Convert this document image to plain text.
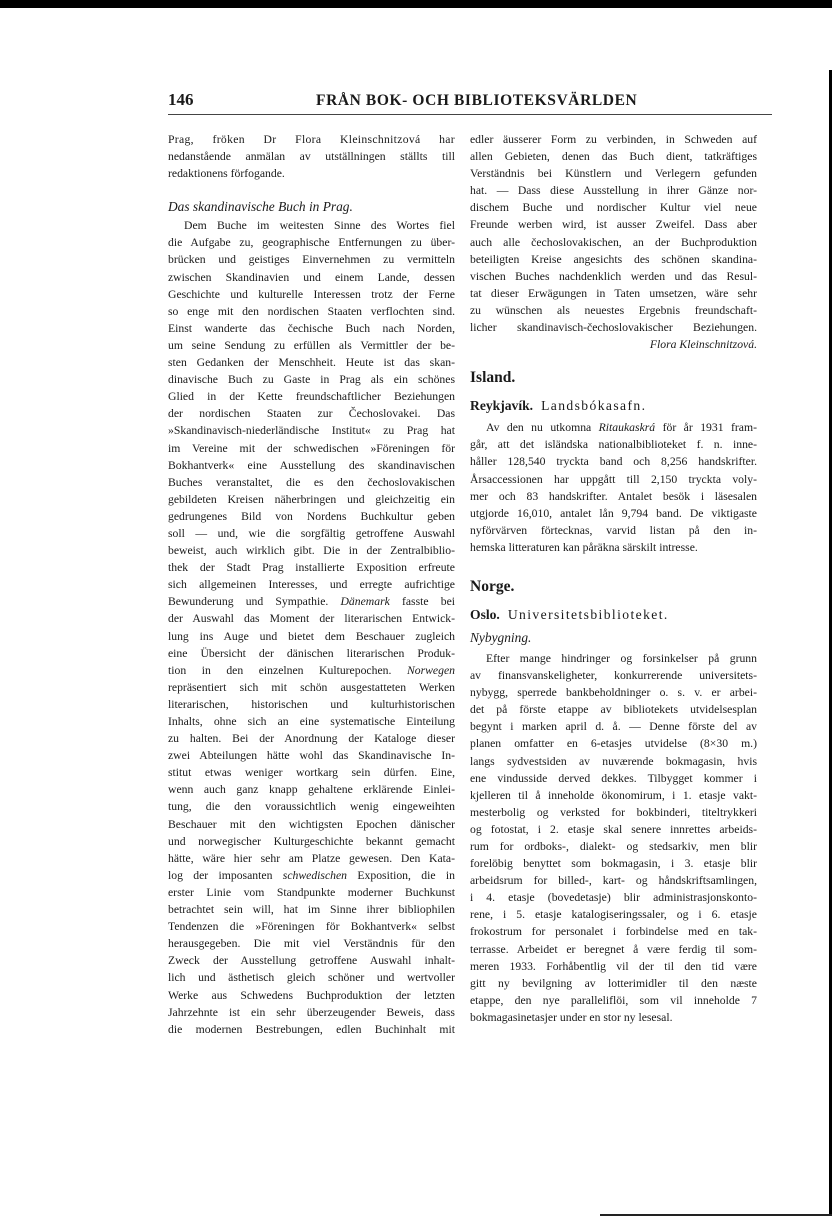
146	FRÅN BOK- OCH BIBLIOTEKSVÄRLDEN
Prag, fröken Dr Flora Kleinschnitzová har
nedanstående anmälan av utställningen ställts till
redaktionens förfogande.
Das skandinavische Buch in Prag.
Dem Buche im weitesten Sinne des Wortes fiel
die Aufgabe zu, geographische Entfernungen zu über-
brücken und geistiges Einvernehmen zu vermitteln
zwischen Skandinavien und einem Lande, dessen
Geschichte und kulturelle Interessen trotz der Ferne
so enge mit den nordischen Staaten verflochten sind.
Einst wanderte das čechische Buch nach Norden,
um seine Sendung zu erfüllen als Vermittler der be-
sten Gedanken der Menschheit. Heute ist das skan-
dinavische Buch zu Gaste in Prag als ein schönes
Glied in der Kette freundschaftlicher Beziehungen
der nordischen Staaten zur Čechoslovakei. Das
»Skandinavisch-niederländische Institut« zu Prag hat
im Vereine mit der schwedischen »Föreningen för
Bokhantverk« eine Ausstellung des skandinavischen
Buches veranstaltet, die es den čechoslovakischen
gebildeten Kreisen näherbringen und gleichzeitig ein
gedrungenes Bild von Nordens Buchkultur geben
soll — und, wie die sorgfältig getroffene Auswahl
beweist, auch wirklich gibt. Die in der Zentralbiblio-
thek der Stadt Prag installierte Exposition erfreute
sich allgemeinen Interesses, und erregte aufrichtige
Bewunderung und Sympathie. Dänemark fasste bei
der Auswahl das Moment der literarischen Entwick-
lung ins Auge und bietet dem Beschauer zugleich
eine Übersicht der dänischen literarischen Produk-
tion in den einzelnen Kulturepochen. Norwegen
repräsentiert sich mit schön ausgestatteten Werken
literarischen, historischen und kulturhistorischen
Inhalts, ohne sich an eine systematische Einteilung
zu halten. Bei der Anordnung der Kataloge dieser
zwei Abteilungen hätte wohl das Skandinavische In-
stitut etwas weniger wortkarg sein dürfen. Eine,
wenn auch ganz knapp gehaltene erklärende Einlei-
tung, die den voraussichtlich wenig eingeweihten
Beschauer mit den wichtigsten Epochen dänischer
und norwegischer Kulturgeschichte bekannt gemacht
hätte, wäre hier sehr am Platze gewesen. Den Kata-
log der imposanten schwedischen Exposition, die in
erster Linie vom Standpunkte moderner Buchkunst
betrachtet sein will, hat im Sinne ihrer bibliophilen
Tendenzen die »Föreningen för Bokhantverk« selbst
herausgegeben. Die mit viel Verständnis für den
Zweck der Ausstellung getroffene Auswahl inhalt-
lich und ästhetisch gleich schöner und wertvoller
Werke aus Schwedens Buchproduktion der letzten
Jahrzehnte ist ein sehr überzeugender Beweis, dass
die modernen Bestrebungen, edlen Buchinhalt mit
edler äusserer Form zu verbinden, in Schweden auf
allen Gebieten, denen das Buch dient, tatkräftiges
Verständnis bei Künstlern und Verlegern gefunden
hat. — Dass diese Ausstellung in ihrer Gänze nor-
dischem Buche und nordischer Kultur viel neue
Freunde werben wird, ist ausser Zweifel. Dass aber
auch alle čechoslovakischen, an der Buchproduktion
beteiligten Kreise angesichts des schönen skandina-
vischen Buches nachdenklich werden und das Resul-
tat dieser Erwägungen in Taten umsetzen, wäre sehr
zu wünschen als neuestes Ergebnis freundschaft-
licher skandinavisch-čechoslovakischer Beziehungen.
Flora Kleinschnitzová.
Island.
Reykjavík. Landsbókasafn.
Av den nu utkomna Ritaukaskrá för år 1931 fram-
går, att det isländska nationalbiblioteket f. n. inne-
håller 128,540 tryckta band och 8,256 handskrifter.
Årsaccessionen har uppgått till 2,150 tryckta voly-
mer och 83 handskrifter. Antalet besök i läsesalen
utgjorde 16,010, antalet lån 9,794 band. De viktigaste
nyförvärven förtecknas, varvid listan på den in-
hemska litteraturen kan påräkna särskilt intresse.
Norge.
Oslo. Universitetsbiblioteket.
Nybygning.
Efter mange hindringer og forsinkelser på grunn
av finansvanskeligheter, konkurrerende universitets-
nybygg, sperrede bankbeholdninger o. s. v. er arbei-
det på förste etappe av bibliotekets utvidelsesplan
begynt i marken april d. å. — Denne förste del av
planen omfatter en 6-etasjes utvidelse (8×30 m.)
langs sydvestsiden av nuværende bokmagasin, hvis
ene vindusside derved dekkes. Tilbygget kommer i
kjelleren til å inneholde ökonomirum, i 1. etasje vakt-
mesterbolig og verksted for bokbinderi, titeltrykkeri
og fotostat, i 2. etasje skal senere innrettes arbeids-
rum for ordboks-, dialekt- og stedsarkiv, men blir
forelöbig benyttet som bokmagasin, i 3. etasje blir
arbeidsrum for billed-, kart- og håndskriftsamlingen,
i 4. etasje (bovedetasje) blir administrasjonskonto-
rene, i 5. etasje katalogiseringssaler, og i 6. etasje
frokostrum for personalet i forbindelse med en tak-
terrasse. Arbeidet er beregnet å være ferdig til som-
meren 1933. Forhåbentlig vil der til den tid være
gitt ny bevilgning av lotterimidler til den næste
etappe, den nye paralleliflöi, som vil inneholde 7
bokmagasinetasjer under en stor ny lesesal.
